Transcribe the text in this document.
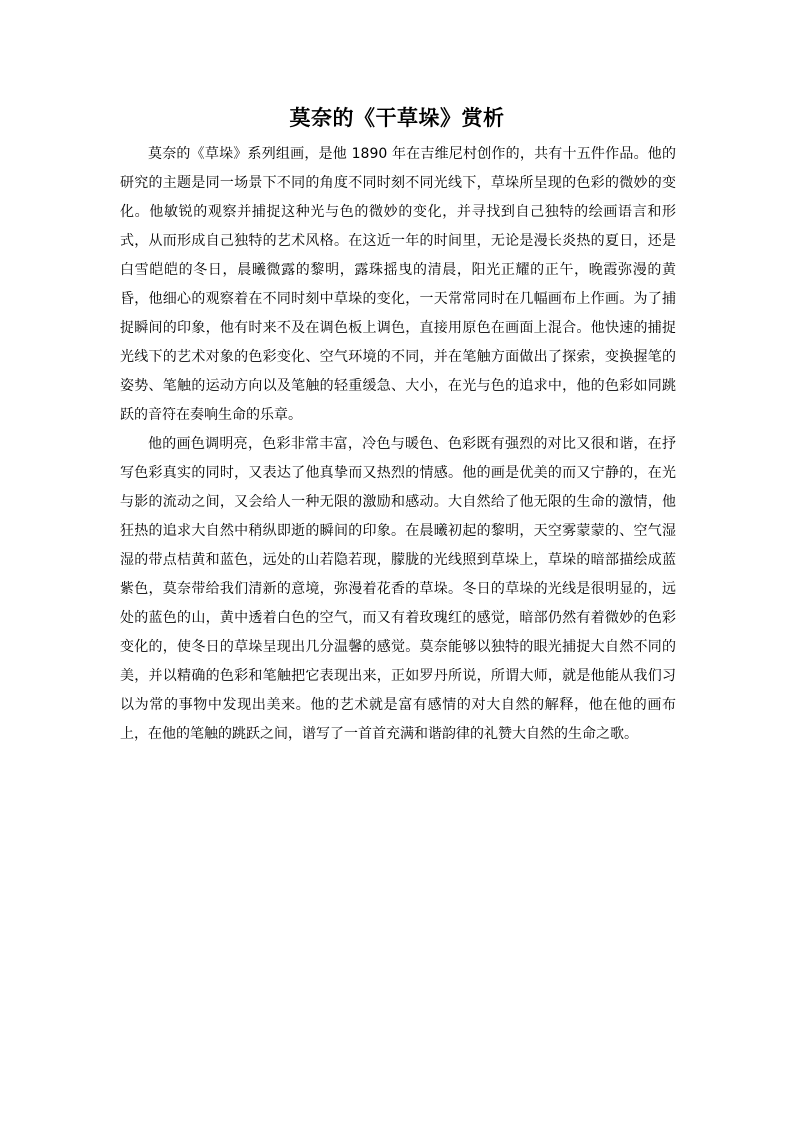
莫奈的《干草垛》赏析

莫奈的《草垛》系列组画，是他 1890 年在吉维尼村创作的，共有十五件作品。他的研究的主题是同一场景下不同的角度不同时刻不同光线下，草垛所呈现的色彩的微妙的变化。他敏锐的观察并捕捉这种光与色的微妙的变化，并寻找到自己独特的绘画语言和形式，从而形成自己独特的艺术风格。在这近一年的时间里，无论是漫长炎热的夏日，还是白雪皑皑的冬日，晨曦微露的黎明，露珠摇曳的清晨，阳光正耀的正午，晚霞弥漫的黄昏，他细心的观察着在不同时刻中草垛的变化，一天常常同时在几幅画布上作画。为了捕捉瞬间的印象，他有时来不及在调色板上调色，直接用原色在画面上混合。他快速的捕捉光线下的艺术对象的色彩变化、空气环境的不同，并在笔触方面做出了探索，变换握笔的姿势、笔触的运动方向以及笔触的轻重缓急、大小，在光与色的追求中，他的色彩如同跳跃的音符在奏响生命的乐章。

他的画色调明亮，色彩非常丰富，冷色与暖色、色彩既有强烈的对比又很和谐，在抒写色彩真实的同时，又表达了他真挚而又热烈的情感。他的画是优美的而又宁静的，在光与影的流动之间，又会给人一种无限的激励和感动。大自然给了他无限的生命的激情，他狂热的追求大自然中稍纵即逝的瞬间的印象。在晨曦初起的黎明，天空雾蒙蒙的、空气湿湿的带点桔黄和蓝色，远处的山若隐若现，朦胧的光线照到草垛上，草垛的暗部描绘成蓝紫色，莫奈带给我们清新的意境，弥漫着花香的草垛。冬日的草垛的光线是很明显的，远处的蓝色的山，黄中透着白色的空气，而又有着玫瑰红的感觉，暗部仍然有着微妙的色彩变化的，使冬日的草垛呈现出几分温馨的感觉。莫奈能够以独特的眼光捕捉大自然不同的美，并以精确的色彩和笔触把它表现出来，正如罗丹所说，所谓大师，就是他能从我们习以为常的事物中发现出美来。他的艺术就是富有感情的对大自然的解释，他在他的画布上，在他的笔触的跳跃之间，谱写了一首首充满和谐韵律的礼赞大自然的生命之歌。
